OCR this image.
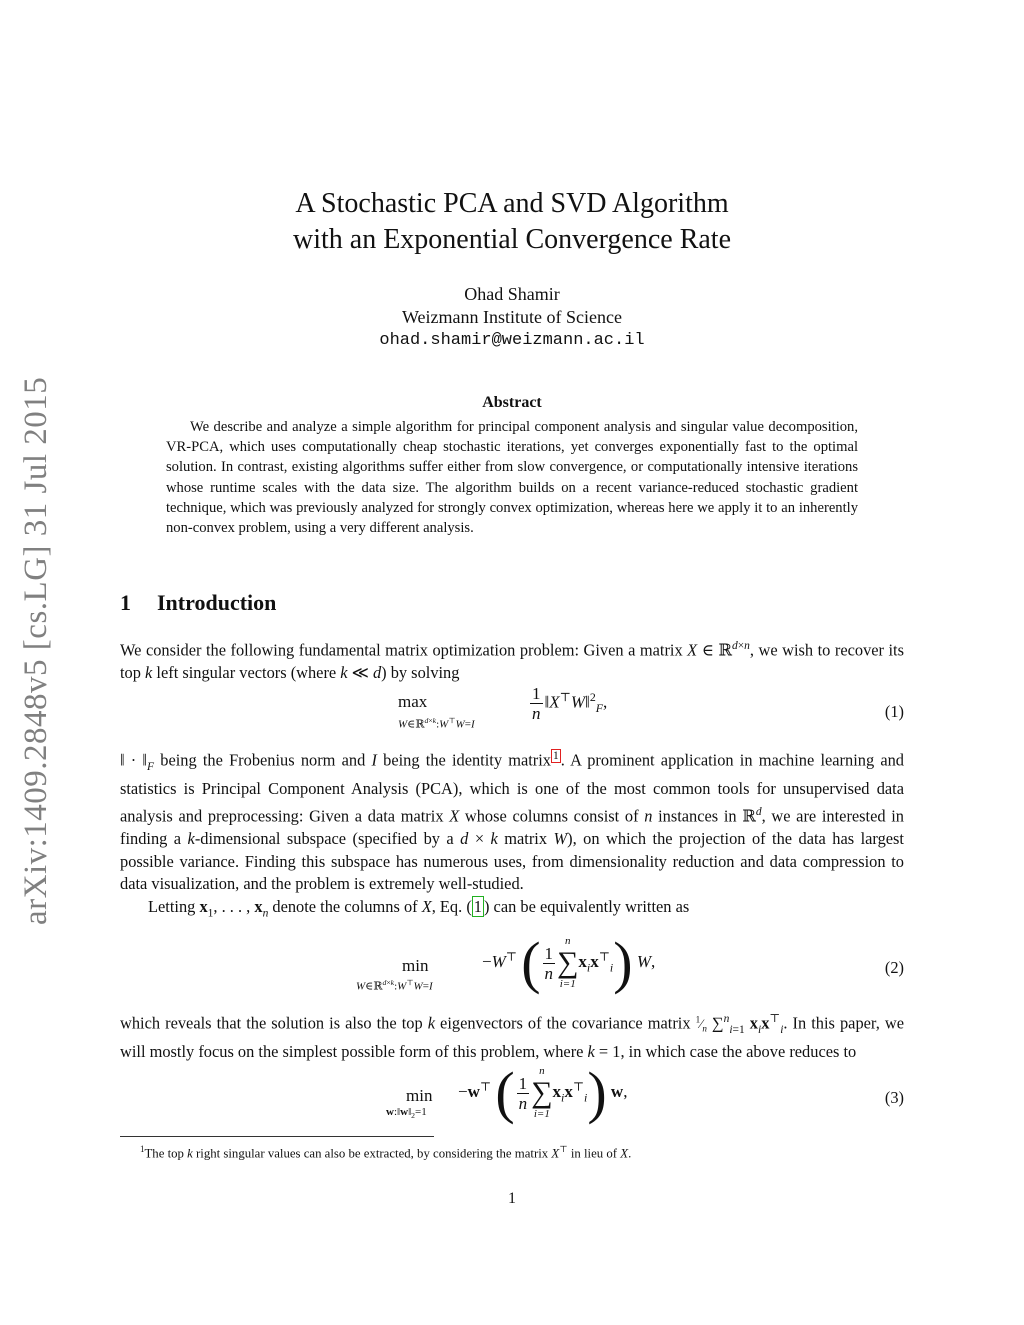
arXiv:1409.2848v5 [cs.LG] 31 Jul 2015
A Stochastic PCA and SVD Algorithm
with an Exponential Convergence Rate
Ohad Shamir
Weizmann Institute of Science
ohad.shamir@weizmann.ac.il
Abstract
We describe and analyze a simple algorithm for principal component analysis and singular value decomposition, VR-PCA, which uses computationally cheap stochastic iterations, yet converges exponentially fast to the optimal solution. In contrast, existing algorithms suffer either from slow convergence, or computationally intensive iterations whose runtime scales with the data size. The algorithm builds on a recent variance-reduced stochastic gradient technique, which was previously analyzed for strongly convex optimization, whereas here we apply it to an inherently non-convex problem, using a very different analysis.
1 Introduction

We consider the following fundamental matrix optimization problem: Given a matrix X ∈ ℝ$^{d\times n}$, we wish to recover its top k left singular vectors (where k ≪ d) by solving

max
W∈ℝ$^{d\times k}$:W⊤W=I
$\frac{1}{n}$ ‖X⊤W‖$^2_F$,
(1)

‖ · $‖_F$ being the Frobenius norm and I being the identity matrix $^1$ . A prominent application in machine learning and statistics is Principal Component Analysis (PCA), which is one of the most common tools for unsupervised data analysis and preprocessing: Given a data matrix X whose columns consist of n instances in ℝ$^d$, we are interested in finding a k-dimensional subspace (specified by a d × k matrix W), on which the projection of the data has largest possible variance. Finding this subspace has numerous uses, from dimensionality reduction and data compression to data visualization, and the problem is extremely well-studied.

Letting $x_1$, . . . , $x_n$ denote the columns of X, Eq. ( 1 ) can be equivalently written as

min
W∈ℝ$^{d\times k}$:W⊤W=I
−W⊤ ( $\frac{1}{n}$
n
∑
i=1
$x_ix^⊤_i$) W,	(2)

which reveals that the solution is also the top k eigenvectors of the covariance matrix $^1⁄_n$ ∑$^n_{i=1}$ $x_ix^⊤_i$. In this paper, we will mostly focus on the simplest possible form of this problem, where k = 1, in which case the above reduces to

min
$w:‖w‖_2=1$
−w⊤ ( $\frac{1}{n}$
n
∑
i=1
$x_ix^⊤_i$) w,	(3)
$^1$The top k right singular values can also be extracted, by considering the matrix X⊤ in lieu of X.
1
